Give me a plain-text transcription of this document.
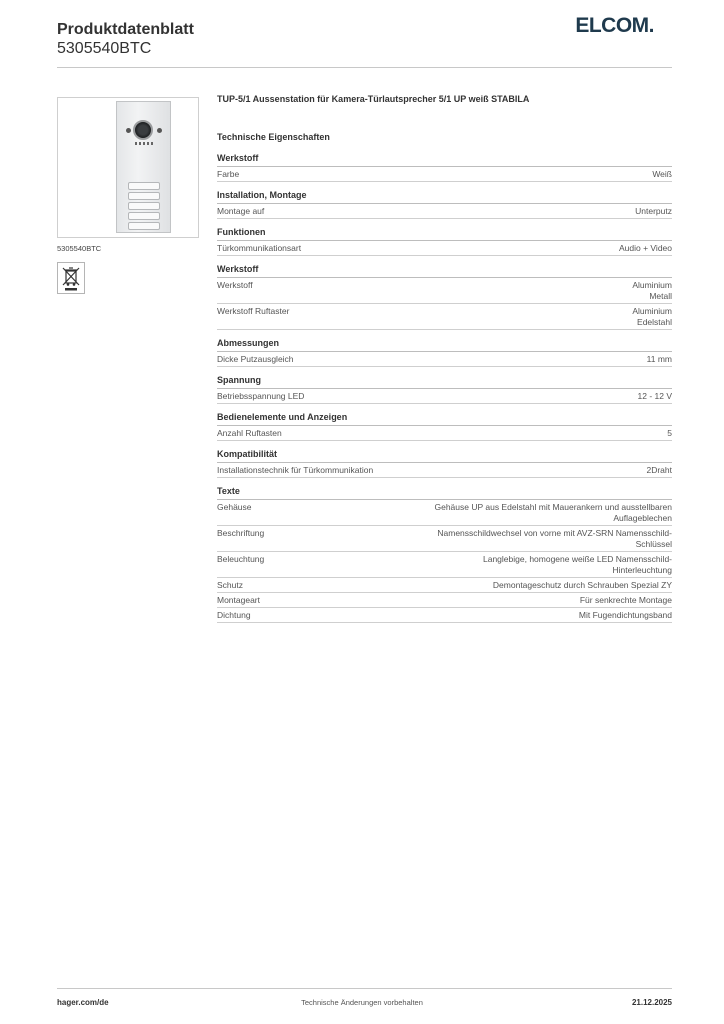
Produktdatenblatt
5305540BTC
ELCOM.
5305540BTC
TUP-5/1 Aussenstation für Kamera-Türlautsprecher 5/1 UP weiß STABILA
Technische Eigenschaften
Werkstoff
Farbe	Weiß
Installation, Montage
Montage auf	Unterputz
Funktionen
Türkommunikationsart	Audio + Video
Werkstoff
Werkstoff	Aluminium
Metall
Werkstoff Ruftaster	Aluminium
Edelstahl
Abmessungen
Dicke Putzausgleich	11 mm
Spannung
Betriebsspannung LED	12 - 12 V
Bedienelemente und Anzeigen
Anzahl Ruftasten	5
Kompatibilität
Installationstechnik für Türkommunikation	2Draht
Texte
Gehäuse	Gehäuse UP aus Edelstahl mit Mauerankern und ausstellbaren
Auflageblechen
Beschriftung	Namensschildwechsel von vorne mit AVZ-SRN Namensschild-
Schlüssel
Beleuchtung	Langlebige, homogene weiße LED Namensschild-
Hinterleuchtung
Schutz	Demontageschutz durch Schrauben Spezial ZY
Montageart	Für senkrechte Montage
Dichtung	Mit Fugendichtungsband
hager.com/de	Technische Änderungen vorbehalten	21.12.2025
